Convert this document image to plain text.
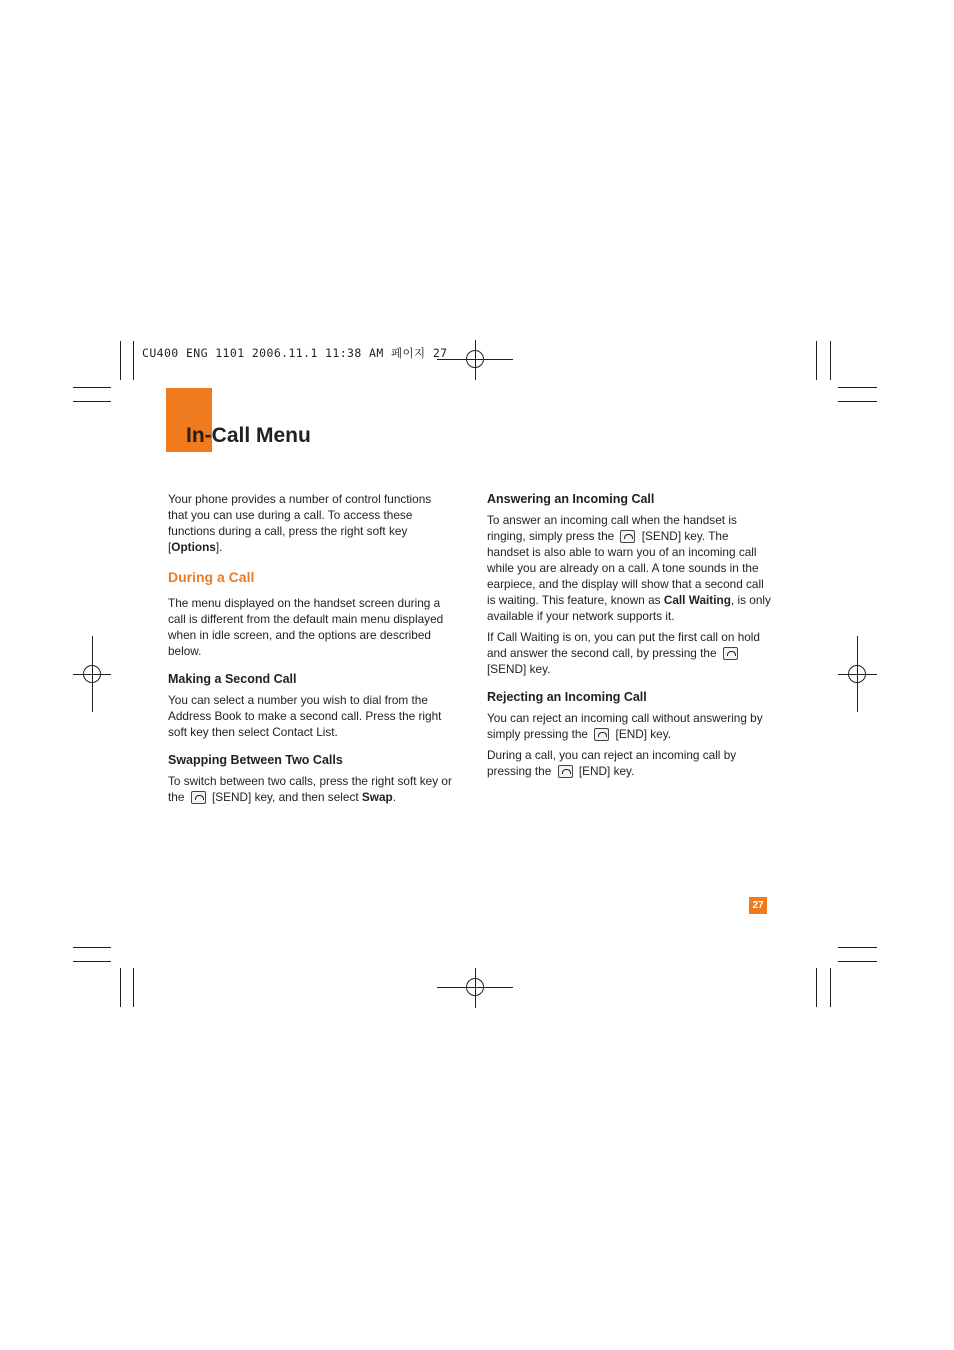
CU400 ENG 1101 2006.11.1 11:38 AM 페이지 27
In-Call Menu

Your phone provides a number of control functions that you can use during a call. To access these functions during a call, press the right soft key [Options].

During a Call

The menu displayed on the handset screen during a call is different from the default main menu displayed when in idle screen, and the options are described below.

Making a Second Call

You can select a number you wish to dial from the Address Book to make a second call. Press the right soft key then select Contact List.

Swapping Between Two Calls

To switch between two calls, press the right soft key or the [SEND] key, and then select Swap.

Answering an Incoming Call

To answer an incoming call when the handset is ringing, simply press the [SEND] key. The handset is also able to warn you of an incoming call while you are already on a call. A tone sounds in the earpiece, and the display will show that a second call is waiting. This feature, known as Call Waiting, is only available if your network supports it.

If Call Waiting is on, you can put the first call on hold and answer the second call, by pressing the  [SEND] key.

Rejecting an Incoming Call

You can reject an incoming call without answering by simply pressing the [END] key.

During a call, you can reject an incoming call by pressing the [END] key.

27
